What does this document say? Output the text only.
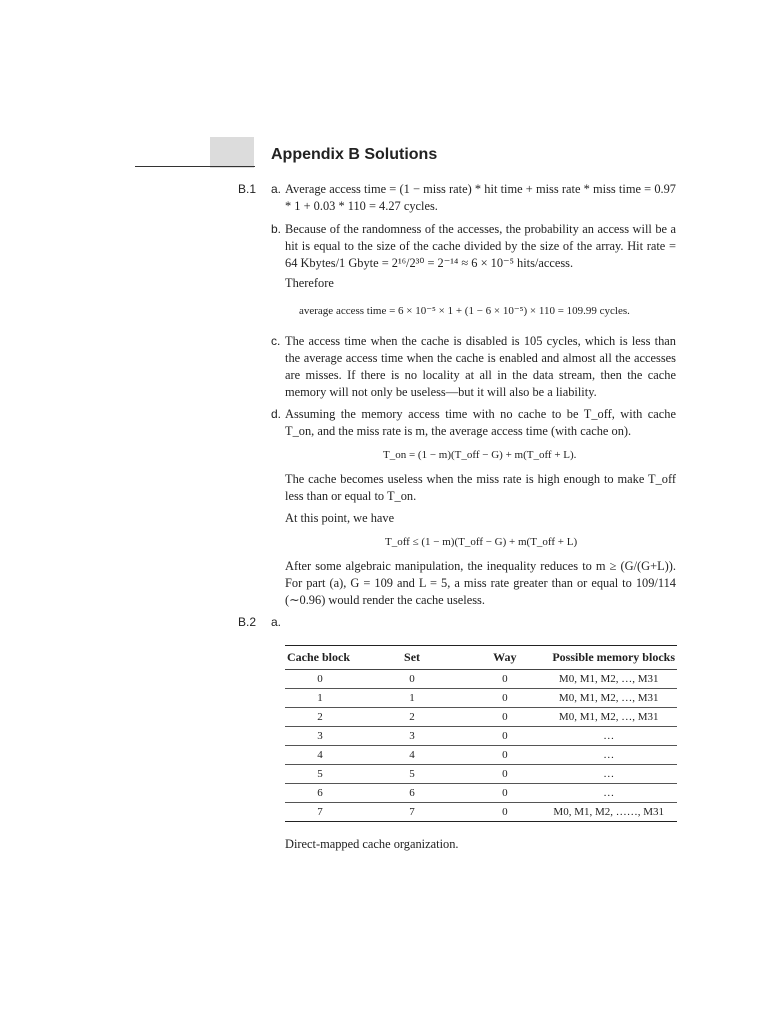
Appendix B Solutions
B.1 a. Average access time = (1 − miss rate) * hit time + miss rate * miss time = 0.97 * 1 + 0.03 * 110 = 4.27 cycles.

b. Because of the randomness of the accesses, the probability an access will be a hit is equal to the size of the cache divided by the size of the array. Hit rate = 64 Kbytes/1 Gbyte = 2¹⁶/2³⁰ = 2⁻¹⁴ ≈ 6 × 10⁻⁵ hits/access.

Therefore
average access time = 6 × 10⁻⁵ × 1 + (1 − 6 × 10⁻⁵) × 110 = 109.99 cycles.
c. The access time when the cache is disabled is 105 cycles, which is less than the average access time when the cache is enabled and almost all the accesses are misses. If there is no locality at all in the data stream, then the cache memory will not only be useless—but it will also be a liability.

d. Assuming the memory access time with no cache to be T_off, with cache T_on, and the miss rate is m, the average access time (with cache on).

T_on = (1 − m)(T_off − G) + m(T_off + L).

The cache becomes useless when the miss rate is high enough to make T_off less than or equal to T_on.

At this point, we have
T_off ≤ (1 − m)(T_off − G) + m(T_off + L)

After some algebraic manipulation, the inequality reduces to m ≥ (G/(G+L)). For part (a), G = 109 and L = 5, a miss rate greater than or equal to 109/114 (∼0.96) would render the cache useless.

B.2 a.
Cache block	Set	Way	Possible memory blocks
0	0	0	M0, M1, M2, …, M31
1	1	0	M0, M1, M2, …, M31
2	2	0	M0, M1, M2, …, M31
3	3	0	…
4	4	0	…
5	5	0	…
6	6	0	…
7	7	0	M0, M1, M2, ……, M31
Direct-mapped cache organization.
